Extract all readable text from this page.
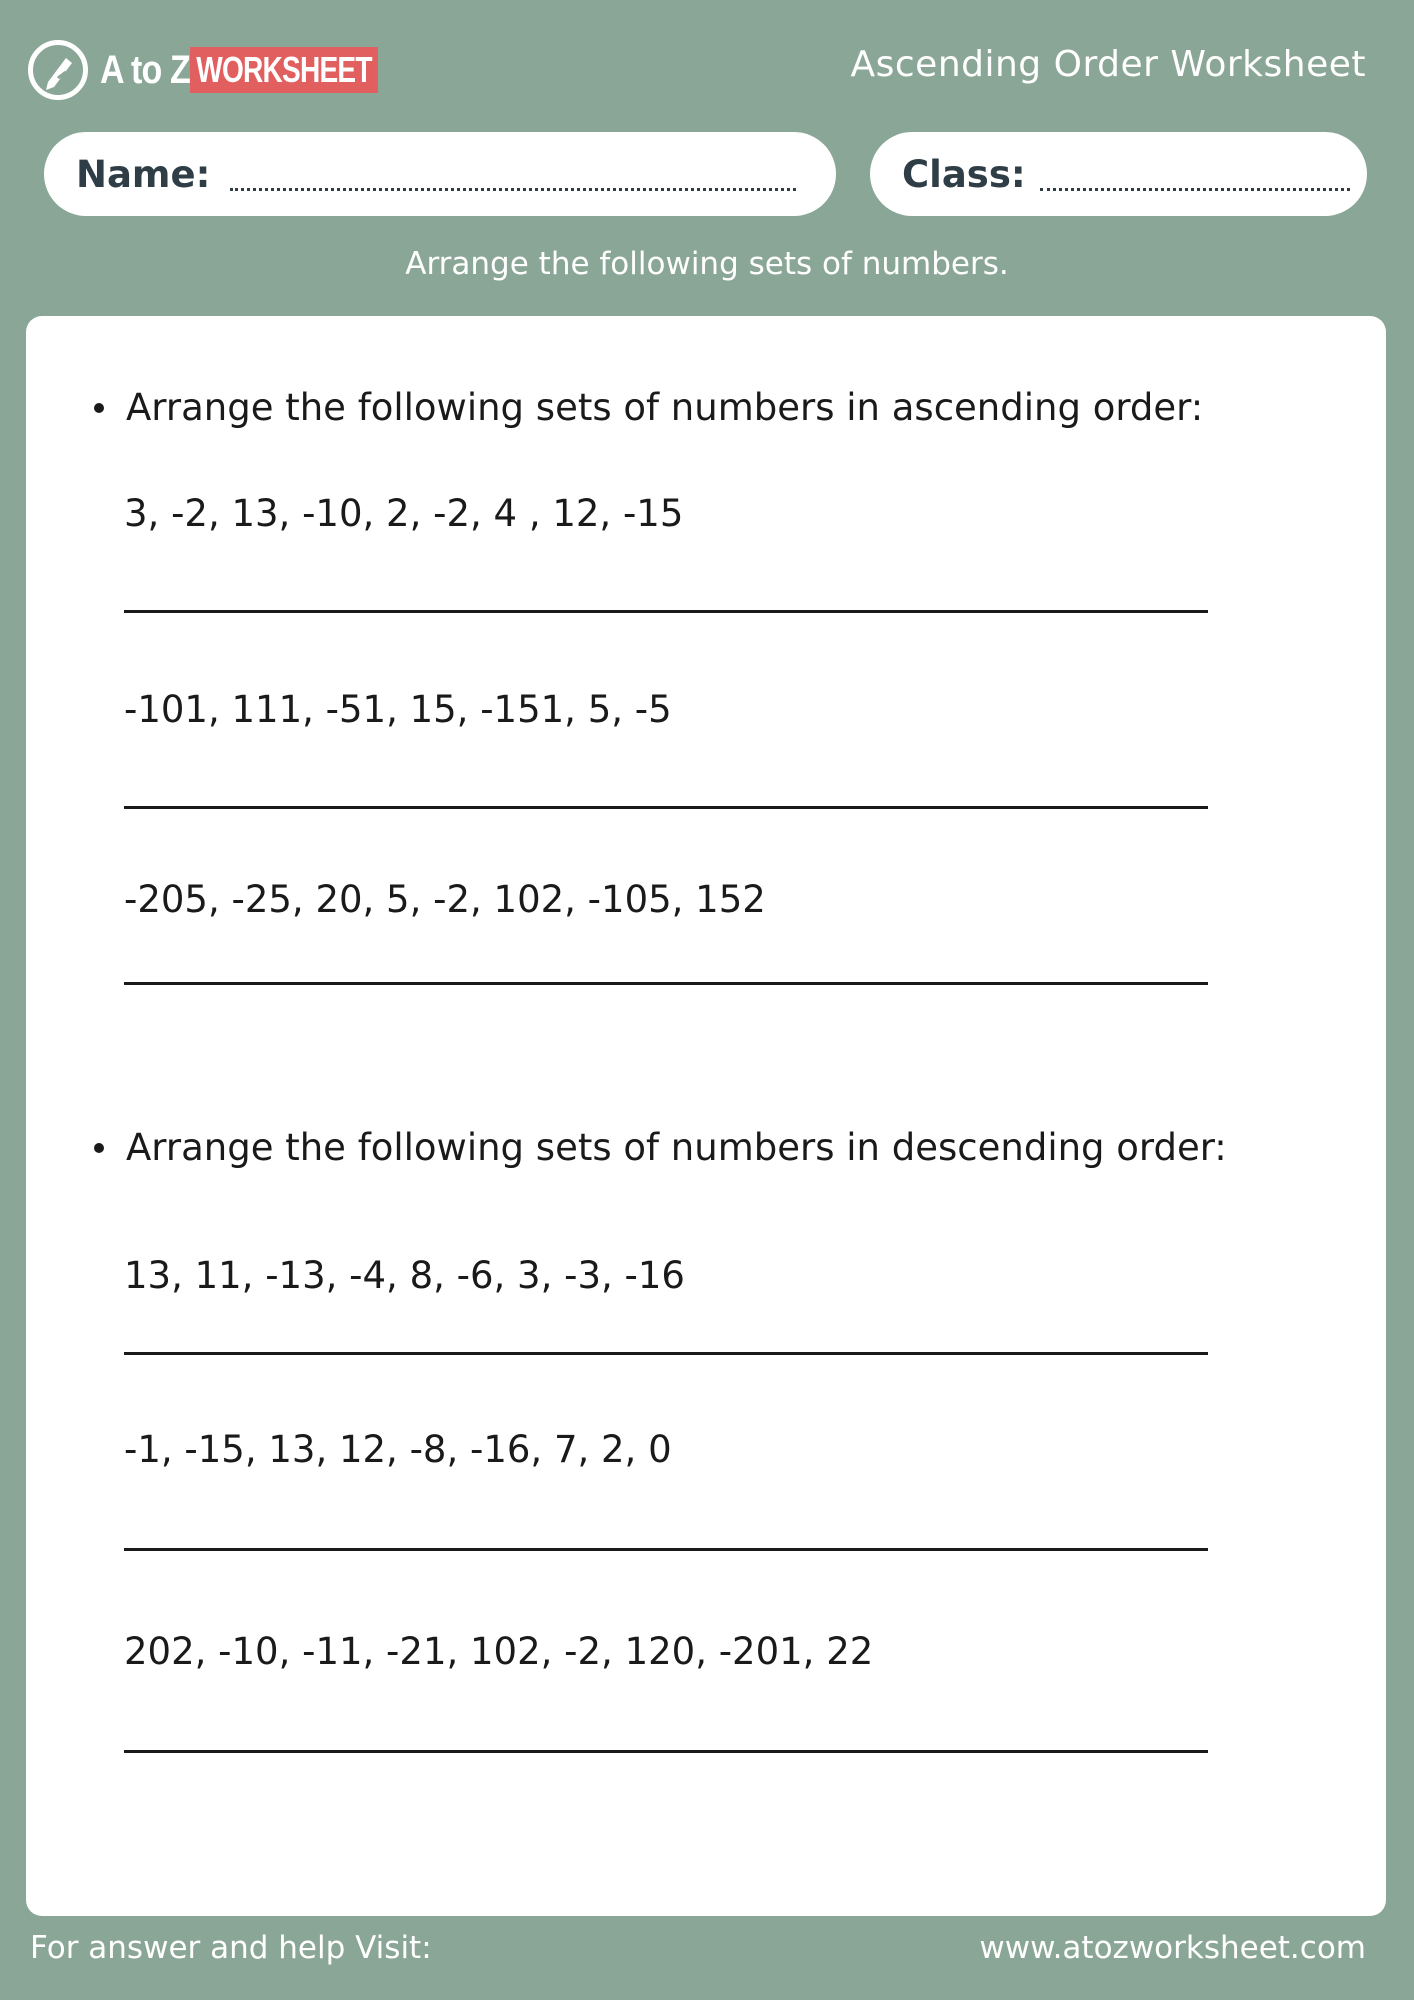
A to Z WORKSHEET	Ascending Order Worksheet
Name:	Class:
Arrange the following sets of numbers.
Arrange the following sets of numbers in ascending order:
3, -2, 13, -10, 2, -2, 4 , 12, -15
-101, 111, -51, 15, -151, 5, -5
-205, -25, 20, 5, -2, 102, -105, 152
Arrange the following sets of numbers in descending order:
13, 11, -13, -4, 8, -6, 3, -3, -16
-1, -15, 13, 12, -8, -16, 7, 2, 0
202, -10, -11, -21, 102, -2, 120, -201, 22
For answer and help Visit:	www.atozworksheet.com
